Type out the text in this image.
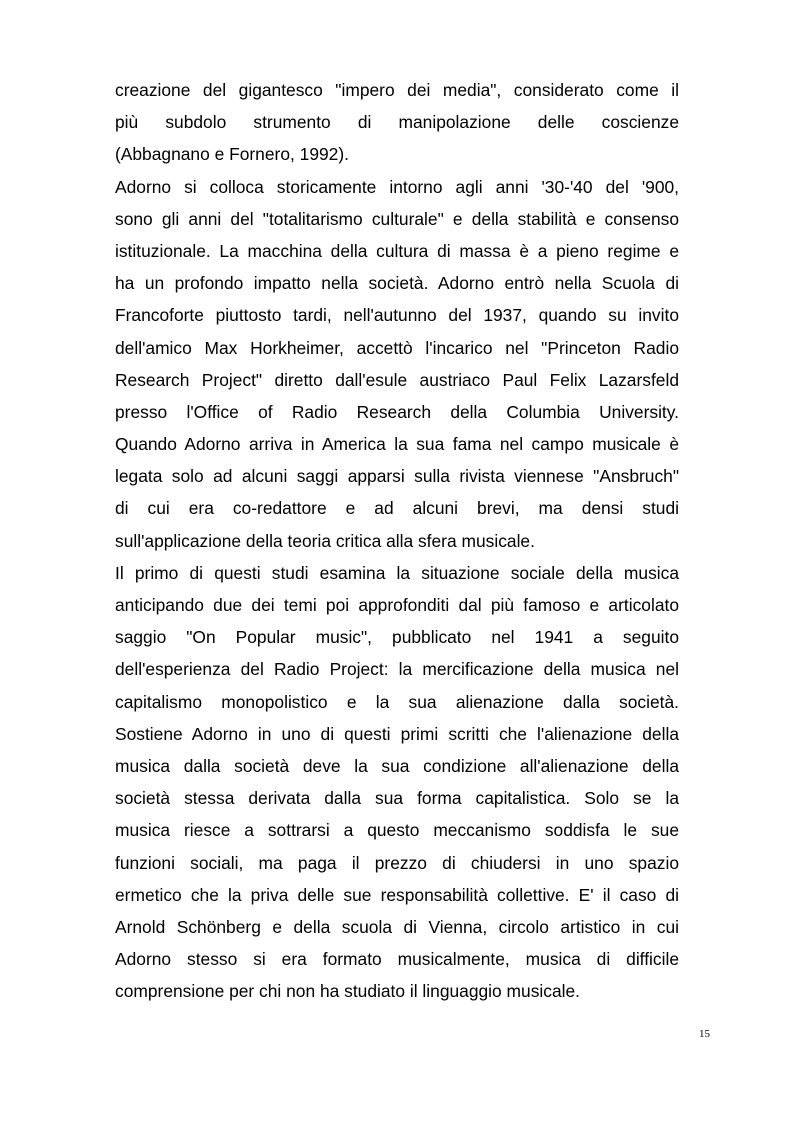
creazione del gigantesco "impero dei media", considerato come il
più subdolo strumento di manipolazione delle coscienze
(Abbagnano e Fornero, 1992).
Adorno si colloca storicamente intorno agli anni '30-'40 del '900,
sono gli anni del "totalitarismo culturale" e della stabilità e consenso
istituzionale. La macchina della cultura di massa è a pieno regime e
ha un profondo impatto nella società. Adorno entrò nella Scuola di
Francoforte piuttosto tardi, nell'autunno del 1937, quando su invito
dell'amico Max Horkheimer, accettò l'incarico nel "Princeton Radio
Research Project" diretto dall'esule austriaco Paul Felix Lazarsfeld
presso l'Office of Radio Research della Columbia University.
Quando Adorno arriva in America la sua fama nel campo musicale è
legata solo ad alcuni saggi apparsi sulla rivista viennese "Ansbruch"
di cui era co-redattore e ad alcuni brevi, ma densi studi
sull'applicazione della teoria critica alla sfera musicale.
Il primo di questi studi esamina la situazione sociale della musica
anticipando due dei temi poi approfonditi dal più famoso e articolato
saggio "On Popular music", pubblicato nel 1941 a seguito
dell'esperienza del Radio Project: la mercificazione della musica nel
capitalismo monopolistico e la sua alienazione dalla società.
Sostiene Adorno in uno di questi primi scritti che l'alienazione della
musica dalla società deve la sua condizione all'alienazione della
società stessa derivata dalla sua forma capitalistica. Solo se la
musica riesce a sottrarsi a questo meccanismo soddisfa le sue
funzioni sociali, ma paga il prezzo di chiudersi in uno spazio
ermetico che la priva delle sue responsabilità collettive. E' il caso di
Arnold Schönberg e della scuola di Vienna, circolo artistico in cui
Adorno stesso si era formato musicalmente, musica di difficile
comprensione per chi non ha studiato il linguaggio musicale.
15
